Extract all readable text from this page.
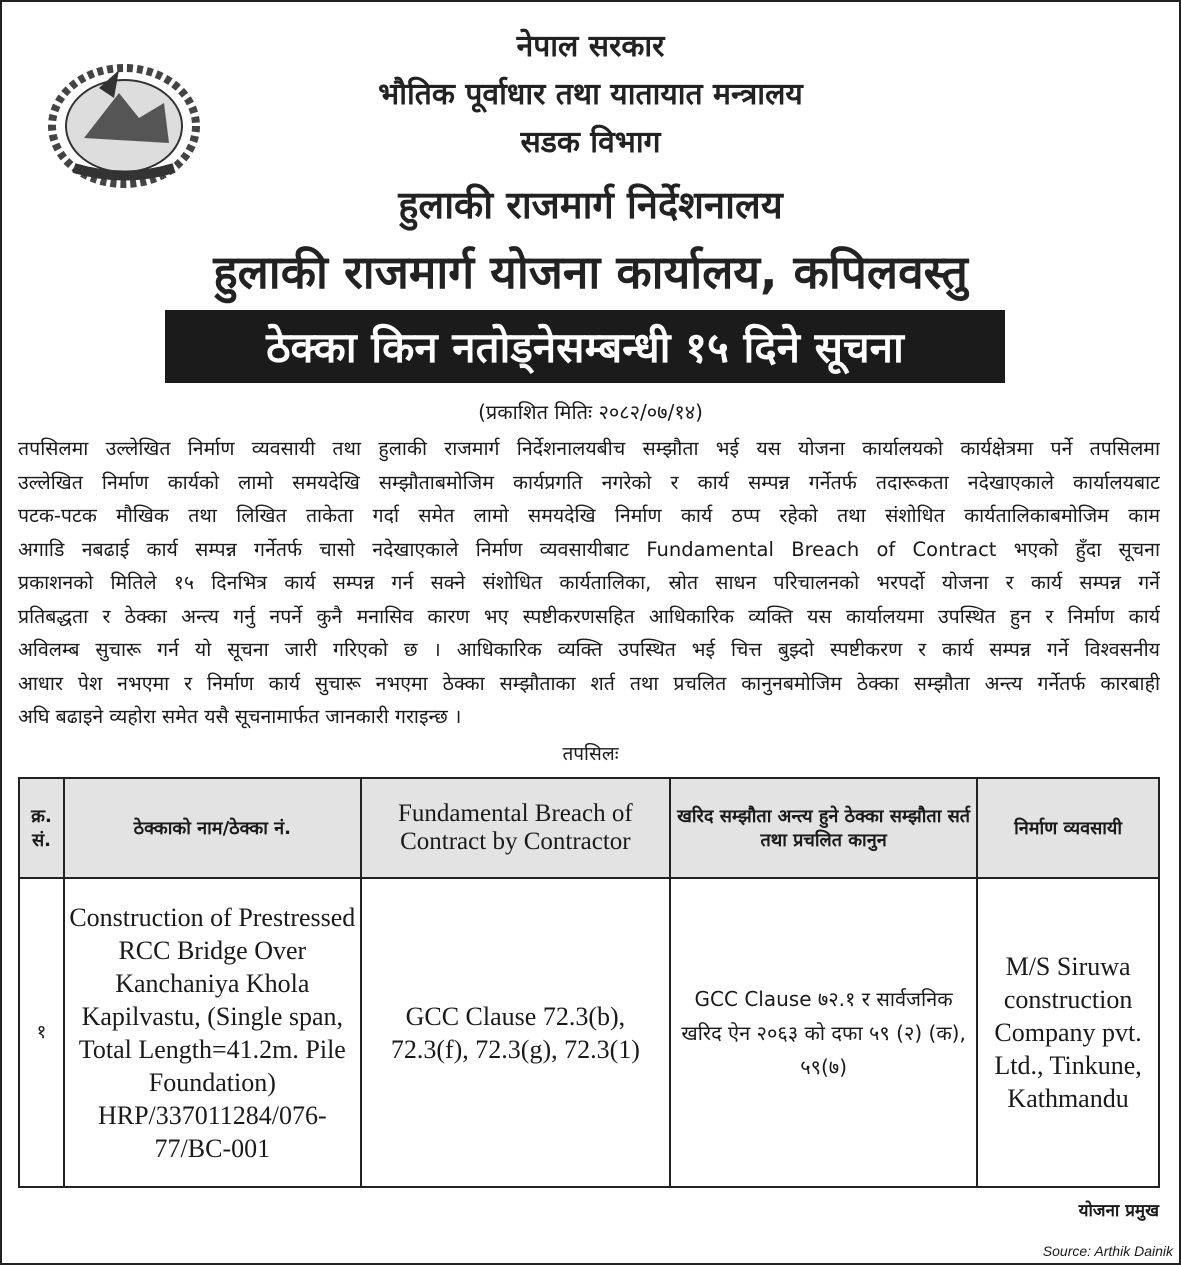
नेपाल सरकार
भौतिक पूर्वाधार तथा यातायात मन्त्रालय
सडक विभाग
हुलाकी राजमार्ग निर्देशनालय
हुलाकी राजमार्ग योजना कार्यालय, कपिलवस्तु
ठेक्का किन नतोड्नेसम्बन्धी १५ दिने सूचना
(प्रकाशित मितिः २०८२/०७/१४)
तपसिलमा उल्लेखित निर्माण व्यवसायी तथा हुलाकी राजमार्ग निर्देशनालयबीच सम्झौता भई यस योजना कार्यालयको कार्यक्षेत्रमा पर्ने तपसिलमा
उल्लेखित निर्माण कार्यको लामो समयदेखि सम्झौताबमोजिम कार्यप्रगति नगरेको र कार्य सम्पन्न गर्नेतर्फ तदारूकता नदेखाएकाले कार्यालयबाट
पटक-पटक मौखिक तथा लिखित ताकेता गर्दा समेत लामो समयदेखि निर्माण कार्य ठप्प रहेको तथा संशोधित कार्यतालिकाबमोजिम काम
अगाडि नबढाई कार्य सम्पन्न गर्नेतर्फ चासो नदेखाएकाले निर्माण व्यवसायीबाट Fundamental Breach of Contract भएको हुँदा सूचना
प्रकाशनको मितिले १५ दिनभित्र कार्य सम्पन्न गर्न सक्ने संशोधित कार्यतालिका, स्रोत साधन परिचालनको भरपर्दो योजना र कार्य सम्पन्न गर्ने
प्रतिबद्धता र ठेक्का अन्त्य गर्नु नपर्ने कुनै मनासिव कारण भए स्पष्टीकरणसहित आधिकारिक व्यक्ति यस कार्यालयमा उपस्थित हुन र निर्माण कार्य
अविलम्ब सुचारू गर्न यो सूचना जारी गरिएको छ । आधिकारिक व्यक्ति उपस्थित भई चित्त बुझ्दो स्पष्टीकरण र कार्य सम्पन्न गर्ने विश्वसनीय
आधार पेश नभएमा र निर्माण कार्य सुचारू नभएमा ठेक्का सम्झौताका शर्त तथा प्रचलित कानुनबमोजिम ठेक्का सम्झौता अन्त्य गर्नेतर्फ कारबाही
अघि बढाइने व्यहोरा समेत यसै सूचनामार्फत जानकारी गराइन्छ ।
तपसिलः
क्र. सं.	ठेक्काको नाम/ठेक्का नं.	Fundamental Breach of Contract by Contractor	खरिद सम्झौता अन्त्य हुने ठेक्का सम्झौता सर्त तथा प्रचलित कानुन	निर्माण व्यवसायी
१	Construction of Prestressed RCC Bridge Over Kanchaniya Khola Kapilvastu, (Single span, Total Length=41.2m. Pile Foundation) HRP/337011284/076-77/BC-001	GCC Clause 72.3(b), 72.3(f), 72.3(g), 72.3(1)	GCC Clause ७२.१ र सार्वजनिक खरिद ऐन २०६३ को दफा ५९ (२) (क), ५९(७)	M/S Siruwa construction Company pvt. Ltd., Tinkune, Kathmandu
योजना प्रमुख
Source: Arthik Dainik
